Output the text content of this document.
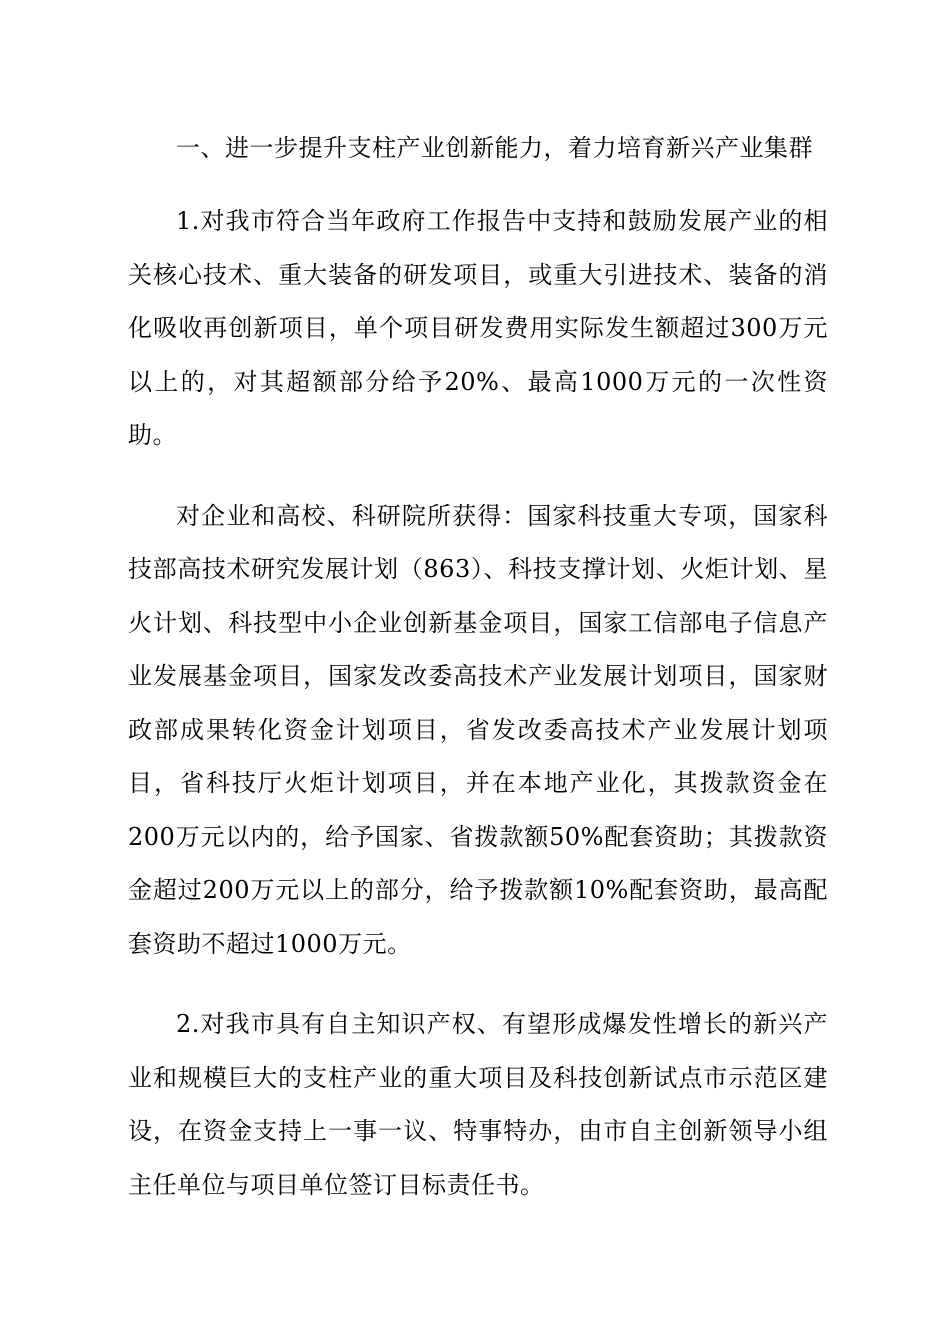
一、进一步提升支柱产业创新能力，着力培育新兴产业集群

1.对我市符合当年政府工作报告中支持和鼓励发展产业的相关核心技术、重大装备的研发项目，或重大引进技术、装备的消化吸收再创新项目，单个项目研发费用实际发生额超过300万元以上的，对其超额部分给予20%、最高1000万元的一次性资助。

对企业和高校、科研院所获得：国家科技重大专项，国家科技部高技术研究发展计划（863）、科技支撑计划、火炬计划、星火计划、科技型中小企业创新基金项目，国家工信部电子信息产业发展基金项目，国家发改委高技术产业发展计划项目，国家财政部成果转化资金计划项目，省发改委高技术产业发展计划项目，省科技厅火炬计划项目，并在本地产业化，其拨款资金在200万元以内的，给予国家、省拨款额50%配套资助；其拨款资金超过200万元以上的部分，给予拨款额10%配套资助，最高配套资助不超过1000万元。

2.对我市具有自主知识产权、有望形成爆发性增长的新兴产业和规模巨大的支柱产业的重大项目及科技创新试点市示范区建设，在资金支持上一事一议、特事特办，由市自主创新领导小组主任单位与项目单位签订目标责任书。
